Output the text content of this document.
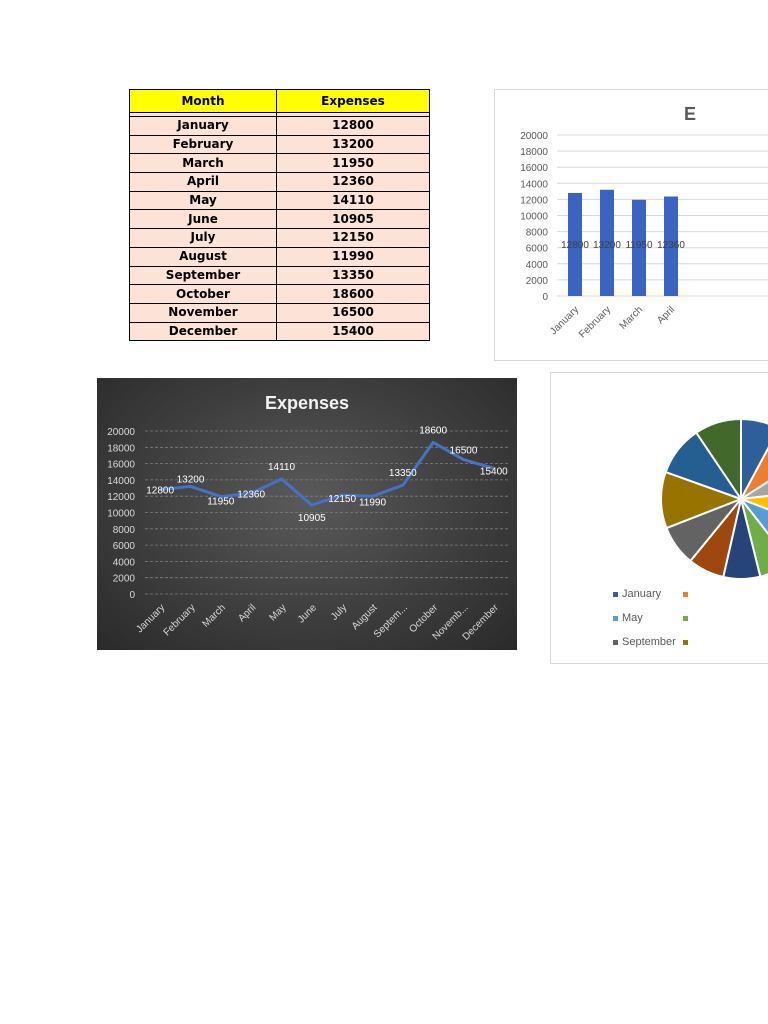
Month	Expenses

January	12800
February	13200
March	11950
April	12360
May	14110
June	10905
July	12150
August	11990
September	13350
October	18600
November	16500
December	15400
E
0
2000
4000
6000
8000
10000
12000
14000
16000
18000
20000
12800
January
13200
February
11950
March
12360
April
Expenses
0
2000
4000
6000
8000
10000
12000
14000
16000
18000
20000
12800
January
13200
February
11950
March
12360
April
14110
May
10905
June
12150
July
11990
August
13350
Septem...
18600
October
16500
Novemb...
15400
December
January
May
September
